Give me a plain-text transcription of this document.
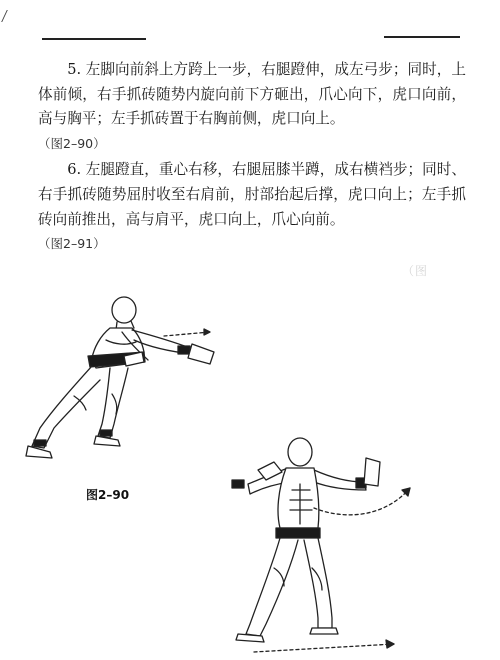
5. 左脚向前斜上方跨上一步，右腿蹬伸，成左弓步；同时，上体前倾，右手抓砖随势内旋向前下方砸出，爪心向下，虎口向前，高与胸平；左手抓砖置于右胸前侧，虎口向上。
（图2–90）

6. 左腿蹬直，重心右移，右腿屈膝半蹲，成右横裆步；同时、右手抓砖随势屈肘收至右肩前，肘部抬起后撑，虎口向上；左手抓砖向前推出，高与肩平，虎口向上，爪心向前。
（图2–91）

（图
图2–90
